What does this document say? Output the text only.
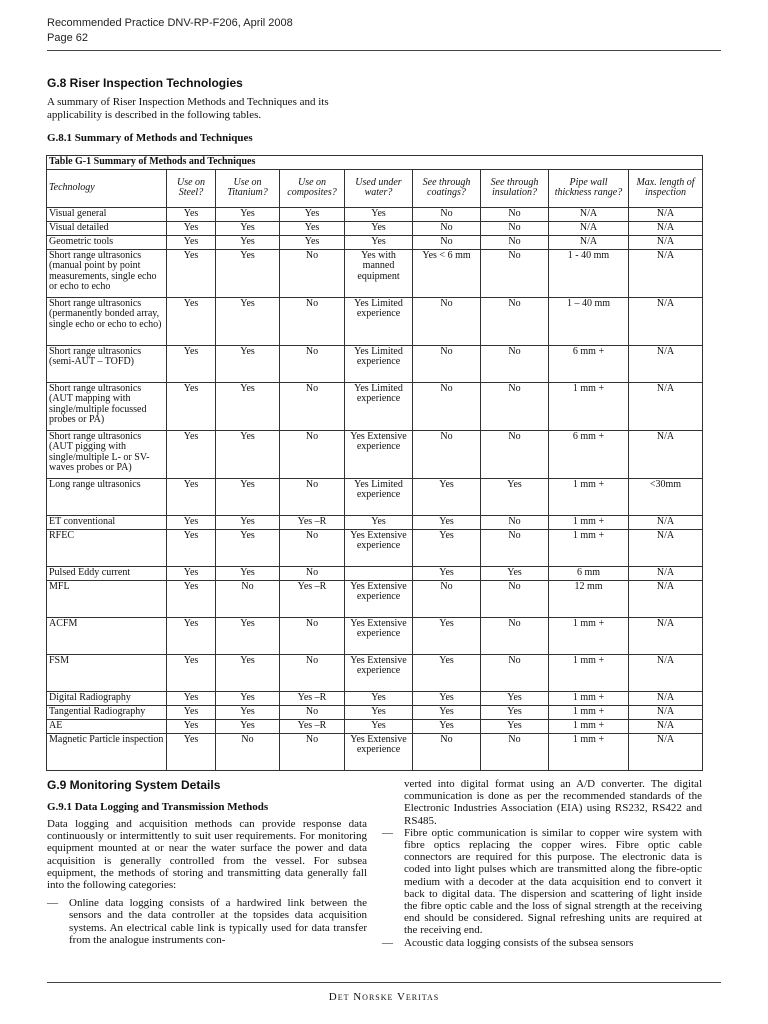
Recommended Practice DNV-RP-F206, April 2008
Page 62
G.8 Riser Inspection Technologies
A summary of Riser Inspection Methods and Techniques and its applicability is described in the following tables.
G.8.1 Summary of Methods and Techniques
Table G-1 Summary of Methods and Techniques
Technology	Use on Steel?	Use on Titanium?	Use on composites?	Used under water?	See through coatings?	See through insulation?	Pipe wall thickness range?	Max. length of inspection
Visual general	Yes	Yes	Yes	Yes	No	No	N/A	N/A
Visual detailed	Yes	Yes	Yes	Yes	No	No	N/A	N/A
Geometric tools	Yes	Yes	Yes	Yes	No	No	N/A	N/A
Short range ultrasonics (manual point by point measurements, single echo or echo to echo	Yes	Yes	No	Yes with manned equipment	Yes < 6 mm	No	1 - 40 mm	N/A
Short range ultrasonics (permanently bonded array, single echo or echo to echo)	Yes	Yes	No	Yes Limited experience	No	No	1 – 40 mm	N/A
Short range ultrasonics (semi-AUT – TOFD)	Yes	Yes	No	Yes Limited experience	No	No	6 mm +	N/A
Short range ultrasonics (AUT mapping with single/multiple focussed probes or PA)	Yes	Yes	No	Yes Limited experience	No	No	1 mm +	N/A
Short range ultrasonics (AUT pigging with single/multiple L- or SV-waves probes or PA)	Yes	Yes	No	Yes Extensive experience	No	No	6 mm +	N/A
Long range ultrasonics	Yes	Yes	No	Yes Limited experience	Yes	Yes	1 mm +	<30mm
ET conventional	Yes	Yes	Yes –R	Yes	Yes	No	1 mm +	N/A
RFEC	Yes	Yes	No	Yes Extensive experience	Yes	No	1 mm +	N/A
Pulsed Eddy current	Yes	Yes	No		Yes	Yes	6 mm	N/A
MFL	Yes	No	Yes –R	Yes Extensive experience	No	No	12 mm	N/A
ACFM	Yes	Yes	No	Yes Extensive experience	Yes	No	1 mm +	N/A
FSM	Yes	Yes	No	Yes Extensive experience	Yes	No	1 mm +	N/A
Digital Radiography	Yes	Yes	Yes –R	Yes	Yes	Yes	1 mm +	N/A
Tangential Radiography	Yes	Yes	No	Yes	Yes	Yes	1 mm +	N/A
AE	Yes	Yes	Yes –R	Yes	Yes	Yes	1 mm +	N/A
Magnetic Particle inspection	Yes	No	No	Yes Extensive experience	No	No	1 mm +	N/A
G.9 Monitoring System Details
G.9.1 Data Logging and Transmission Methods

Data logging and acquisition methods can provide response data continuously or intermittently to suit user requirements. For monitoring equipment mounted at or near the water surface the power and data acquisition is generally controlled from the vessel. For subsea equipment, the methods of storing and transmitting data generally fall into the following categories:

— Online data logging consists of a hardwired link between the sensors and the data controller at the topsides data acquisition systems. An electrical cable link is typically used for data transfer from the analogue instruments con-

verted into digital format using an A/D converter. The digital communication is done as per the recommended standards of the Electronic Industries Association (EIA) using RS232, RS422 and RS485.

— Fibre optic communication is similar to copper wire system with fibre optics replacing the copper wires. Fibre optic cable connectors are required for this purpose. The electronic data is coded into light pulses which are transmitted along the fibre-optic medium with a decoder at the data acquisition end to convert it back to digital data. The dispersion and scattering of light inside the fibre optic cable and the loss of signal strength at the receiving end should be considered. Signal refreshing units are required at the receiving end.
— Acoustic data logging consists of the subsea sensors
Det Norske Veritas
